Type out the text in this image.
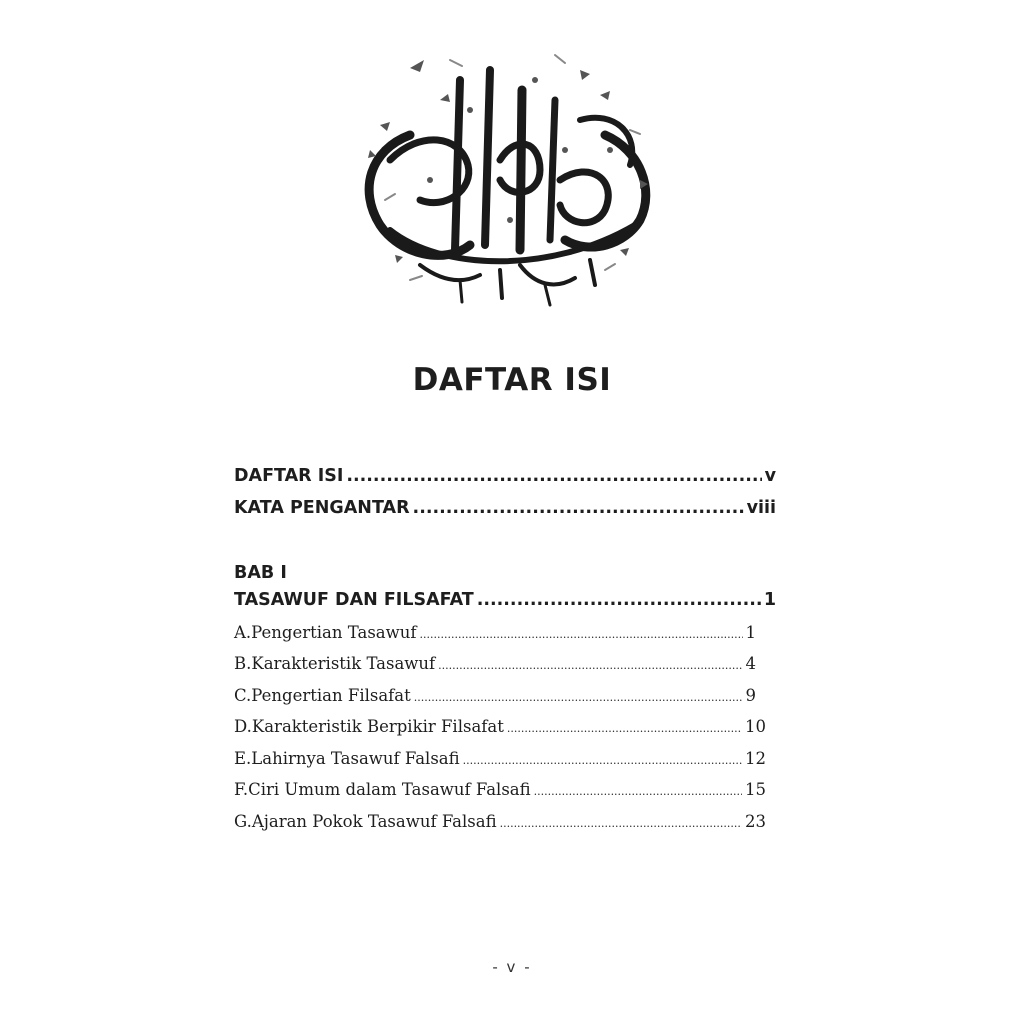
DAFTAR ISI
DAFTAR ISI .....	v
KATA PENGANTAR .....	viii
BAB I
TASAWUF DAN FILSAFAT .....	1
A. Pengertian Tasawuf .....	1
B. Karakteristik Tasawuf .....	4
C. Pengertian Filsafat .....	9
D. Karakteristik Berpikir Filsafat .....	10
E. Lahirnya Tasawuf Falsafi .....	12
F. Ciri Umum dalam Tasawuf Falsafi .....	15
G. Ajaran Pokok Tasawuf Falsafi .....	23
- v -
